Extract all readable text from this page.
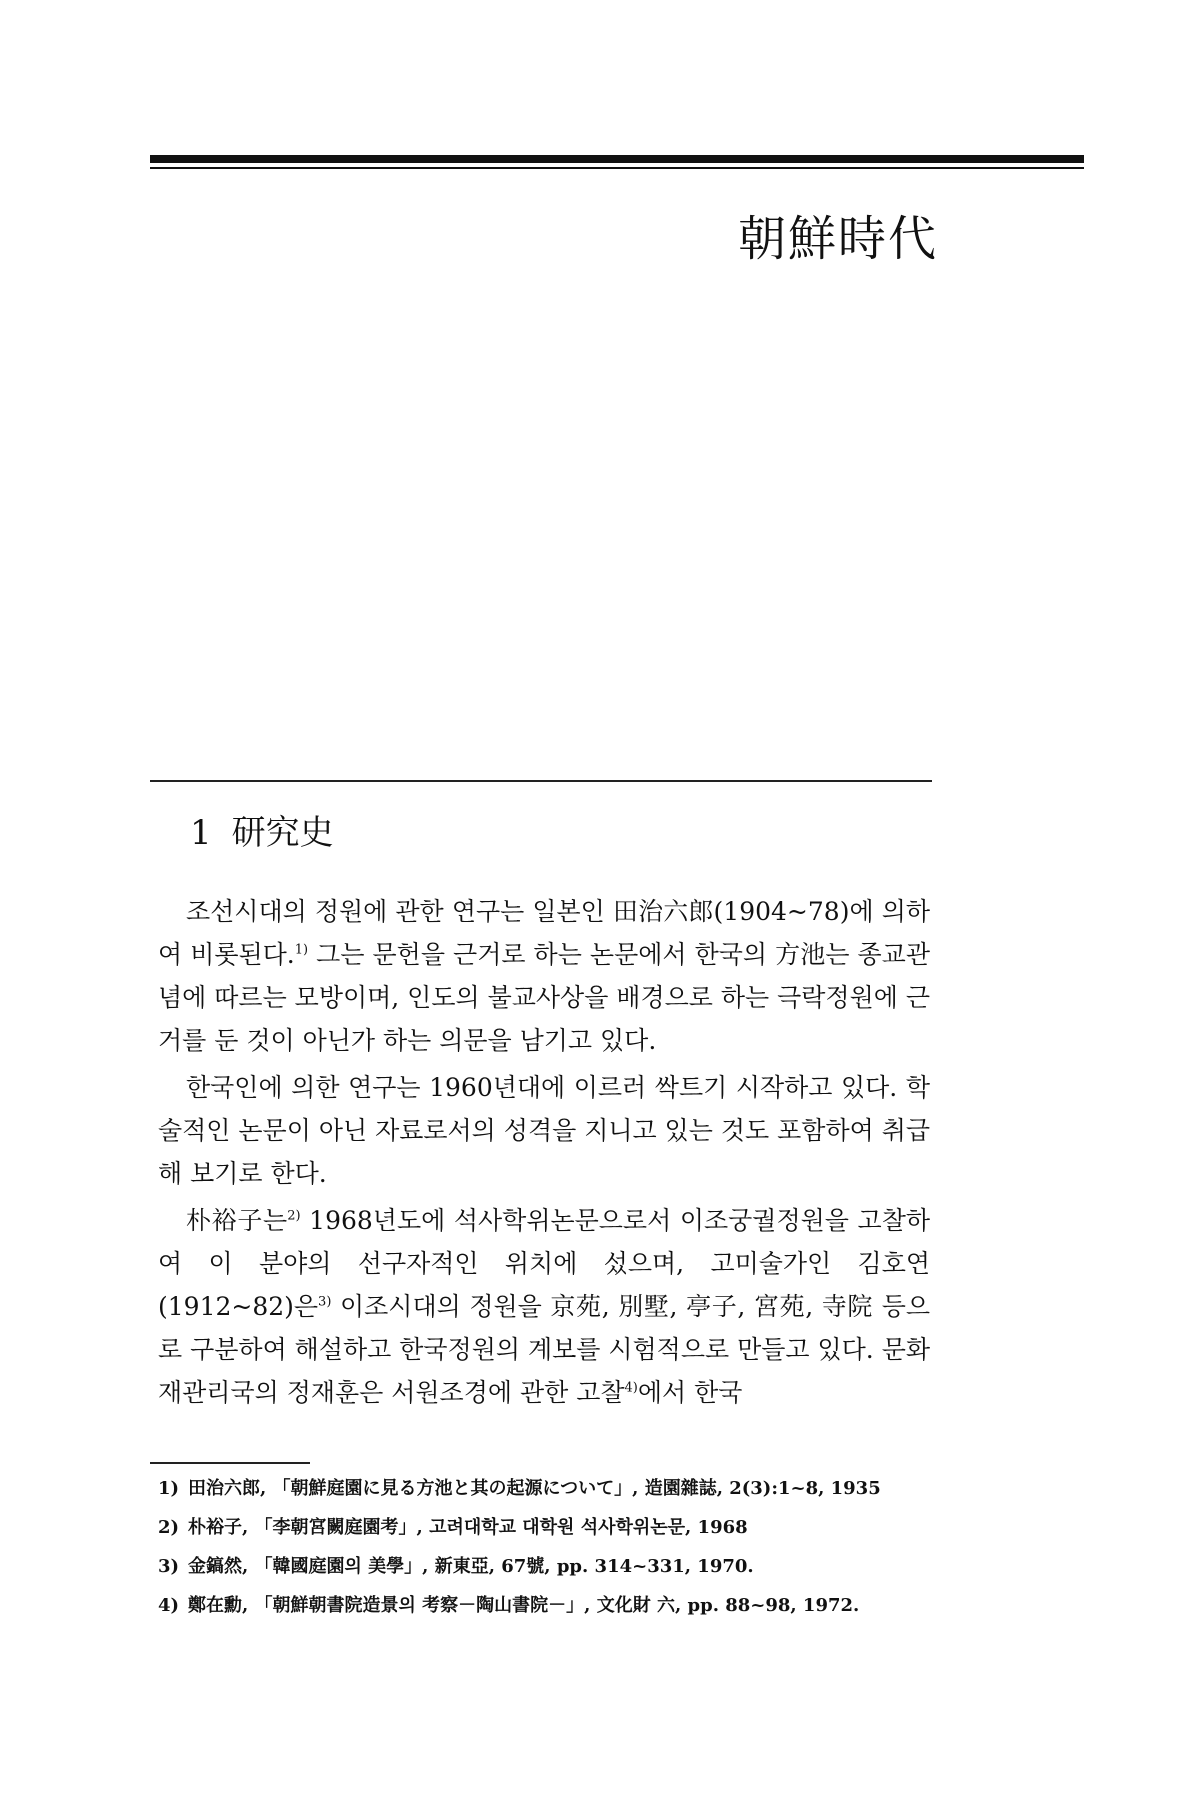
朝鮮時代
1 研究史

조선시대의 정원에 관한 연구는 일본인 田治六郎(1904~78)에 의하여 비롯된다.$^{1)}$ 그는 문헌을 근거로 하는 논문에서 한국의 方池는 종교관념에 따르는 모방이며, 인도의 불교사상을 배경으로 하는 극락정원에 근거를 둔 것이 아닌가 하는 의문을 남기고 있다.

한국인에 의한 연구는 1960년대에 이르러 싹트기 시작하고 있다. 학술적인 논문이 아닌 자료로서의 성격을 지니고 있는 것도 포함하여 취급해 보기로 한다.

朴裕子는$^{2)}$ 1968년도에 석사학위논문으로서 이조궁궐정원을 고찰하여 이 분야의 선구자적인 위치에 섰으며, 고미술가인 김호연(1912~82)은$^{3)}$ 이조시대의 정원을 京苑, 別墅, 亭子, 宮苑, 寺院 등으로 구분하여 해설하고 한국정원의 계보를 시험적으로 만들고 있다. 문화재관리국의 정재훈은 서원조경에 관한 고찰$^{4)}$에서 한국

1) 田治六郎, 「朝鮮庭園に見る方池と其の起源について」, 造園雜誌, 2(3):1~8, 1935
2) 朴裕子, 「李朝宮闕庭園考」, 고려대학교 대학원 석사학위논문, 1968
3) 金鎬然, 「韓國庭園의 美學」, 新東亞, 67號, pp. 314~331, 1970.
4) 鄭在勳, 「朝鮮朝書院造景의 考察－陶山書院－」, 文化財 六, pp. 88~98, 1972.
